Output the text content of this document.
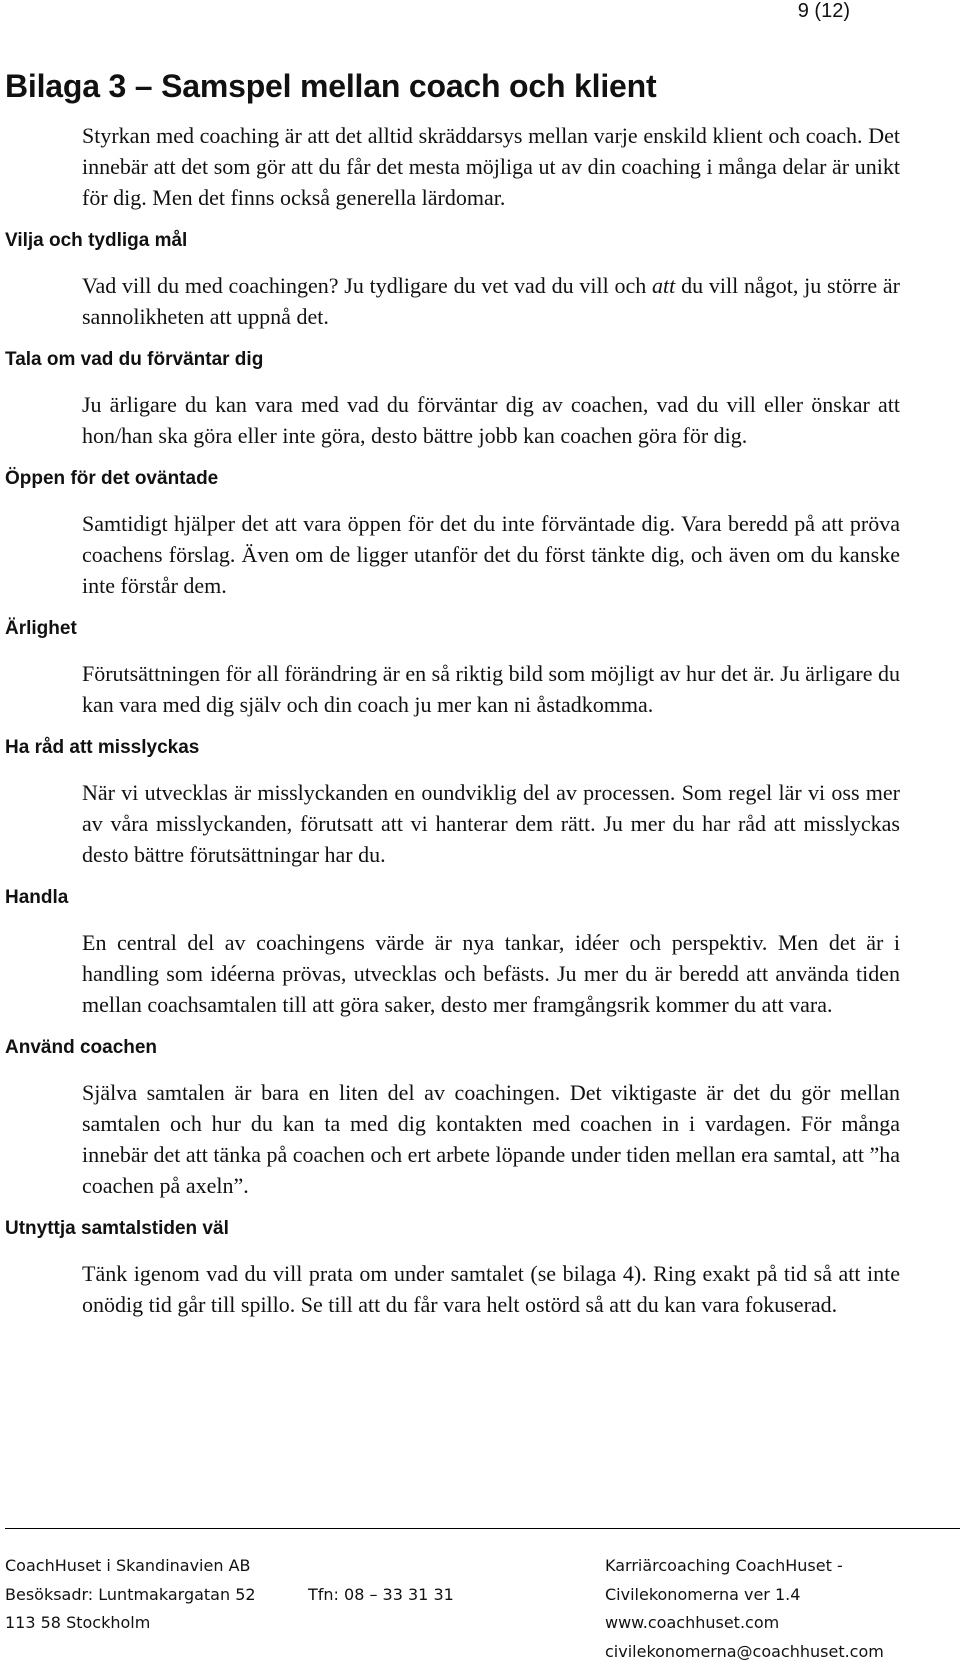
9 (12)
Bilaga 3 – Samspel mellan coach och klient

Styrkan med coaching är att det alltid skräddarsys mellan varje enskild klient och coach. Det innebär att det som gör att du får det mesta möjliga ut av din coaching i många delar är unikt för dig. Men det finns också generella lärdomar.

Vilja och tydliga mål

Vad vill du med coachingen? Ju tydligare du vet vad du vill och att du vill något, ju större är sannolikheten att uppnå det.

Tala om vad du förväntar dig

Ju ärligare du kan vara med vad du förväntar dig av coachen, vad du vill eller önskar att hon/han ska göra eller inte göra, desto bättre jobb kan coachen göra för dig.

Öppen för det oväntade

Samtidigt hjälper det att vara öppen för det du inte förväntade dig. Vara beredd på att pröva coachens förslag. Även om de ligger utanför det du först tänkte dig, och även om du kanske inte förstår dem.

Ärlighet

Förutsättningen för all förändring är en så riktig bild som möjligt av hur det är. Ju ärligare du kan vara med dig själv och din coach ju mer kan ni åstadkomma.

Ha råd att misslyckas

När vi utvecklas är misslyckanden en oundviklig del av processen. Som regel lär vi oss mer av våra misslyckanden, förutsatt att vi hanterar dem rätt. Ju mer du har råd att misslyckas desto bättre förutsättningar har du.

Handla

En central del av coachingens värde är nya tankar, idéer och perspektiv. Men det är i handling som idéerna prövas, utvecklas och befästs. Ju mer du är beredd att använda tiden mellan coachsamtalen till att göra saker, desto mer framgångsrik kommer du att vara.

Använd coachen

Själva samtalen är bara en liten del av coachingen. Det viktigaste är det du gör mellan samtalen och hur du kan ta med dig kontakten med coachen in i vardagen. För många innebär det att tänka på coachen och ert arbete löpande under tiden mellan era samtal, att ”ha coachen på axeln”.

Utnyttja samtalstiden väl

Tänk igenom vad du vill prata om under samtalet (se bilaga 4). Ring exakt på tid så att inte onödig tid går till spillo. Se till att du får vara helt ostörd så att du kan vara fokuserad.

CoachHuset i Skandinavien AB
Besöksadr: Luntmakargatan 52
113 58 Stockholm
Tfn: 08 – 33 31 31
Karriärcoaching CoachHuset -
Civilekonomerna ver 1.4
www.coachhuset.com
civilekonomerna@coachhuset.com
